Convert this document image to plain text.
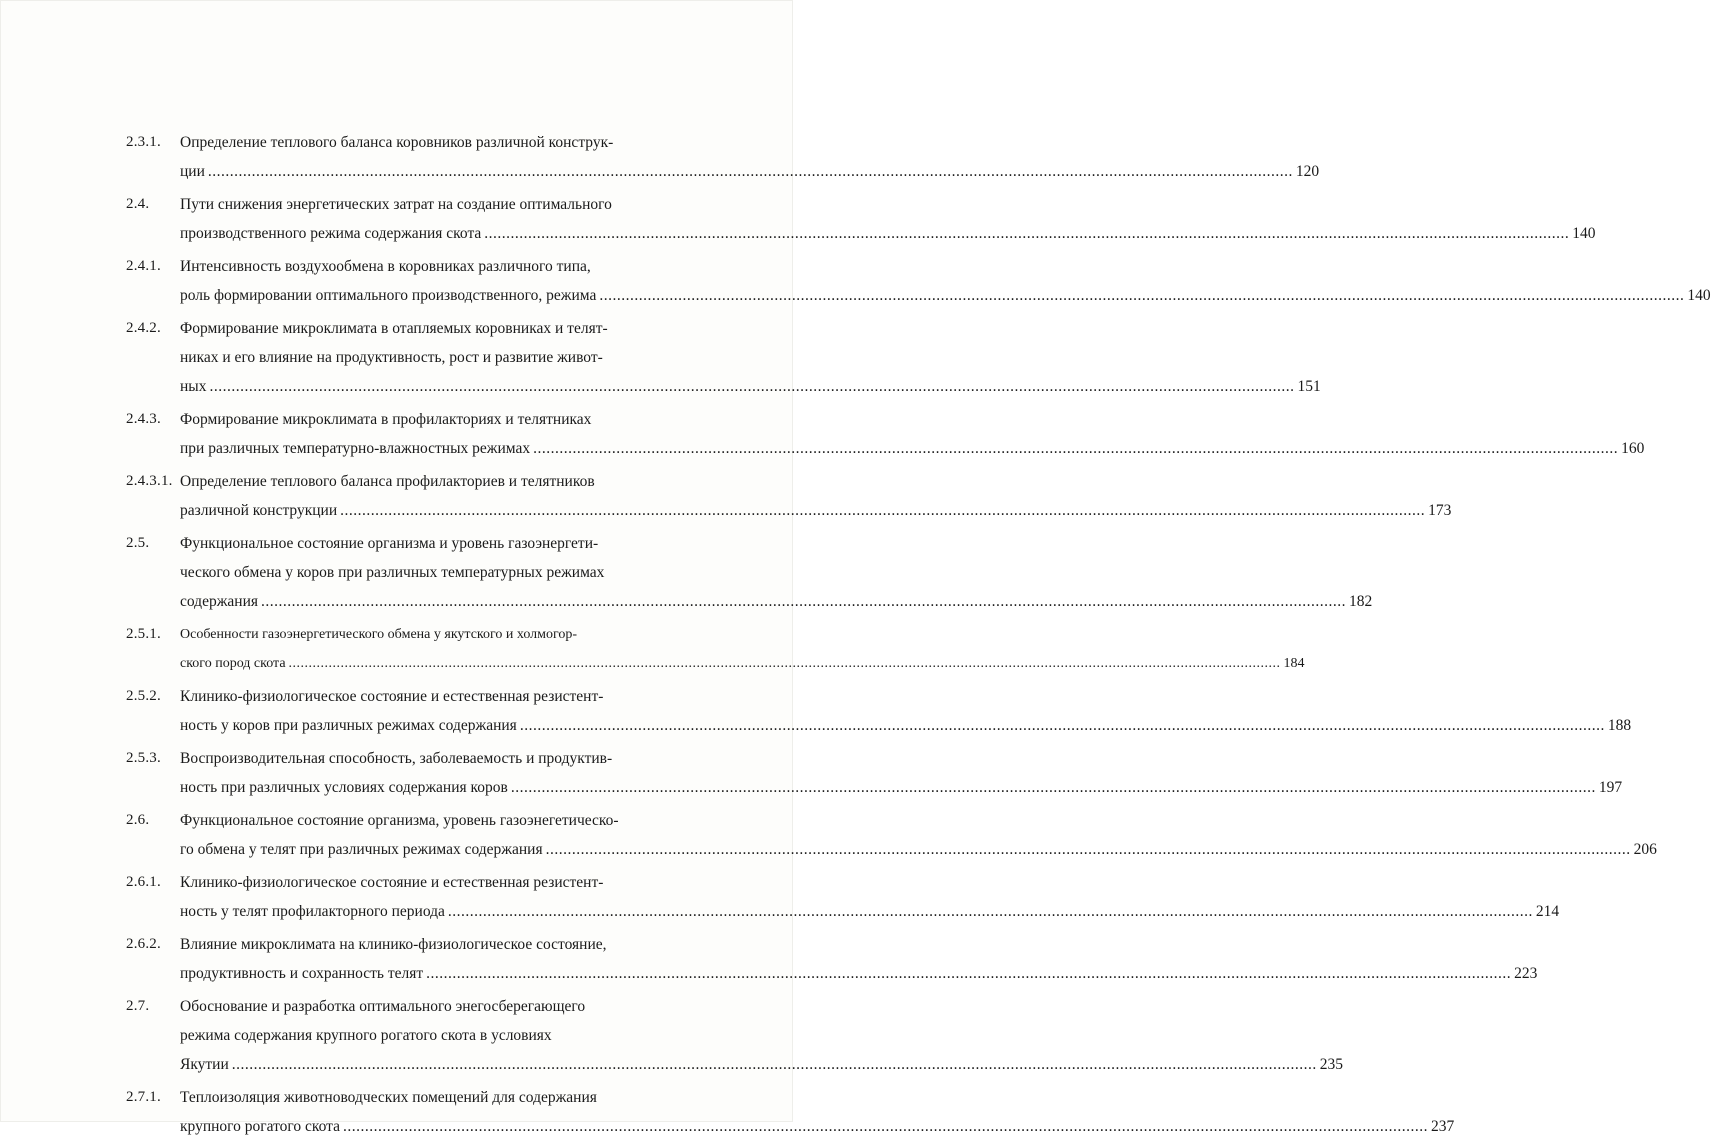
2.3.1.	Определение теплового баланса коровников различной конструк-
ции .....	120
2.4.	Пути снижения энергетических затрат на создание оптимального
производственного режима содержания скота .....	140
2.4.1.	Интенсивность воздухообмена в коровниках различного типа,
роль формировании оптимального производственного, режима .....	140
2.4.2.	Формирование микроклимата в отапляемых коровниках и телят-
никах и его влияние на продуктивность, рост и развитие живот-
ных .....	151
2.4.3.	Формирование микроклимата в профилакториях и телятниках
при различных температурно-влажностных режимах .....	160
2.4.3.1. Определение теплового баланса профилакториев и телятников
различной конструкции .....	173
2.5.	Функциональное состояние организма и уровень газоэнергети-
ческого обмена у коров при различных температурных режимах
содержания .....	182
2.5.1.	Особенности газоэнергетического обмена у якутского и холмогор-
ского пород скота .....	184
2.5.2.	Клинико-физиологическое состояние и естественная резистент-
ность у коров при различных режимах содержания .....	188
2.5.3.	Воспроизводительная способность, заболеваемость и продуктив-
ность при различных условиях содержания коров .....	197
2.6.	Функциональное состояние организма, уровень газоэнегетическо-
го обмена у телят при различных режимах содержания .....	206
2.6.1.	Клинико-физиологическое состояние и естественная резистент-
ность у телят профилакторного периода .....	214
2.6.2.	Влияние микроклимата на клинико-физиологическое состояние,
продуктивность и сохранность телят .....	223
2.7.	Обоснование и разработка оптимального энегосберегающего
режима содержания крупного рогатого скота в условиях
Якутии .....	235
2.7.1.	Теплоизоляция животноводческих помещений для содержания
крупного рогатого скота .....	237
